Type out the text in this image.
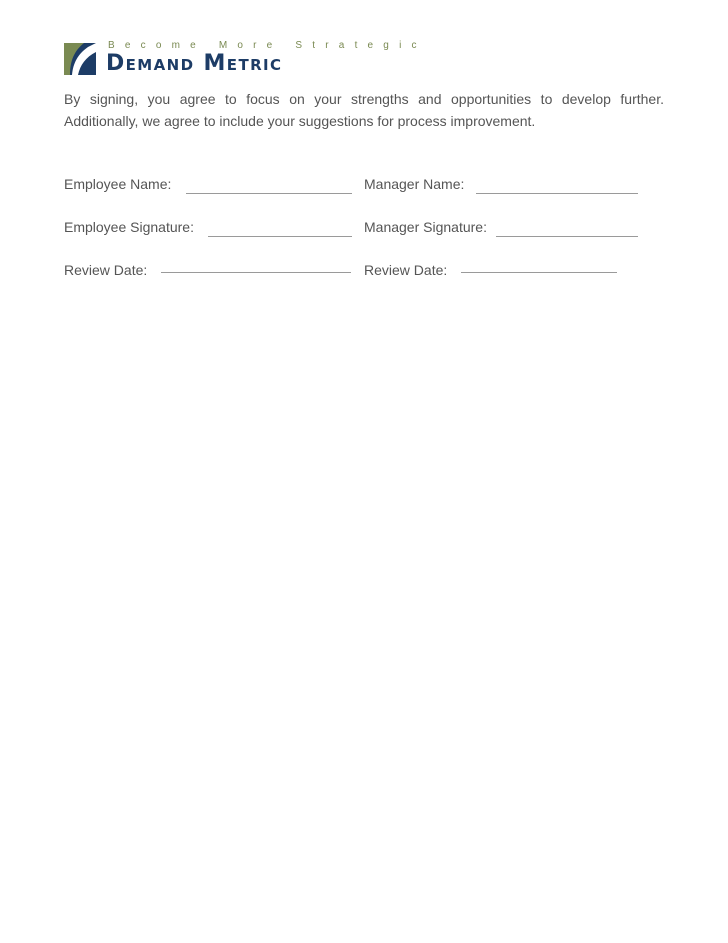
Become More Strategic
Demand Metric
By signing, you agree to focus on your strengths and opportunities to develop further.
Additionally, we agree to include your suggestions for process improvement.
Employee Name:	Manager Name:
Employee Signature:	Manager Signature:
Review Date:	Review Date:
